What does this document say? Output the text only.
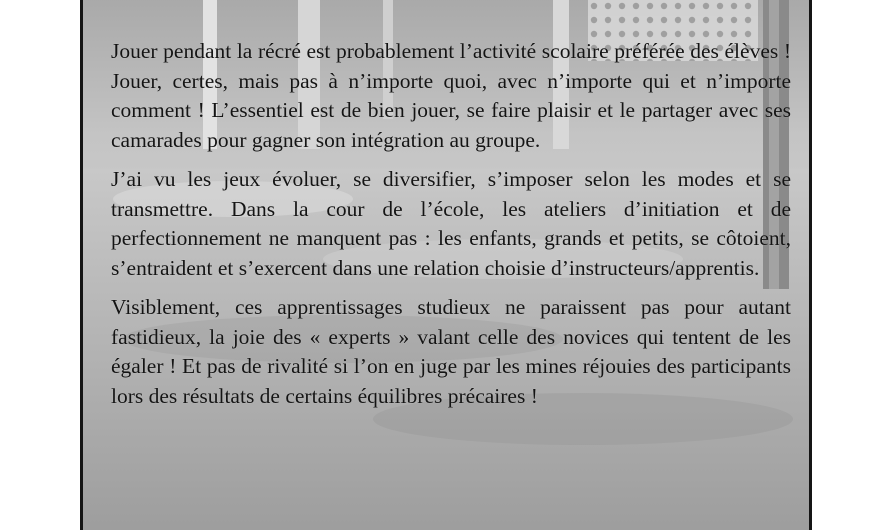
Jouer pendant la récré est probablement l’activité scolaire préférée des élèves ! Jouer, certes, mais pas à n’importe quoi, avec n’importe qui et n’importe comment ! L’essentiel est de bien jouer, se faire plaisir et le partager avec ses camarades pour gagner son intégration au groupe.

J’ai vu les jeux évoluer, se diversifier, s’imposer selon les modes et se transmettre. Dans la cour de l’école, les ateliers d’initiation et de perfectionnement ne manquent pas : les enfants, grands et petits, se côtoient, s’entraident et s’exercent dans une relation choisie d’instructeurs/apprentis.

Visiblement, ces apprentissages studieux ne paraissent pas pour autant fastidieux, la joie des « experts » valant celle des novices qui tentent de les égaler ! Et pas de rivalité si l’on en juge par les mines réjouies des participants lors des résultats de certains équilibres précaires !
